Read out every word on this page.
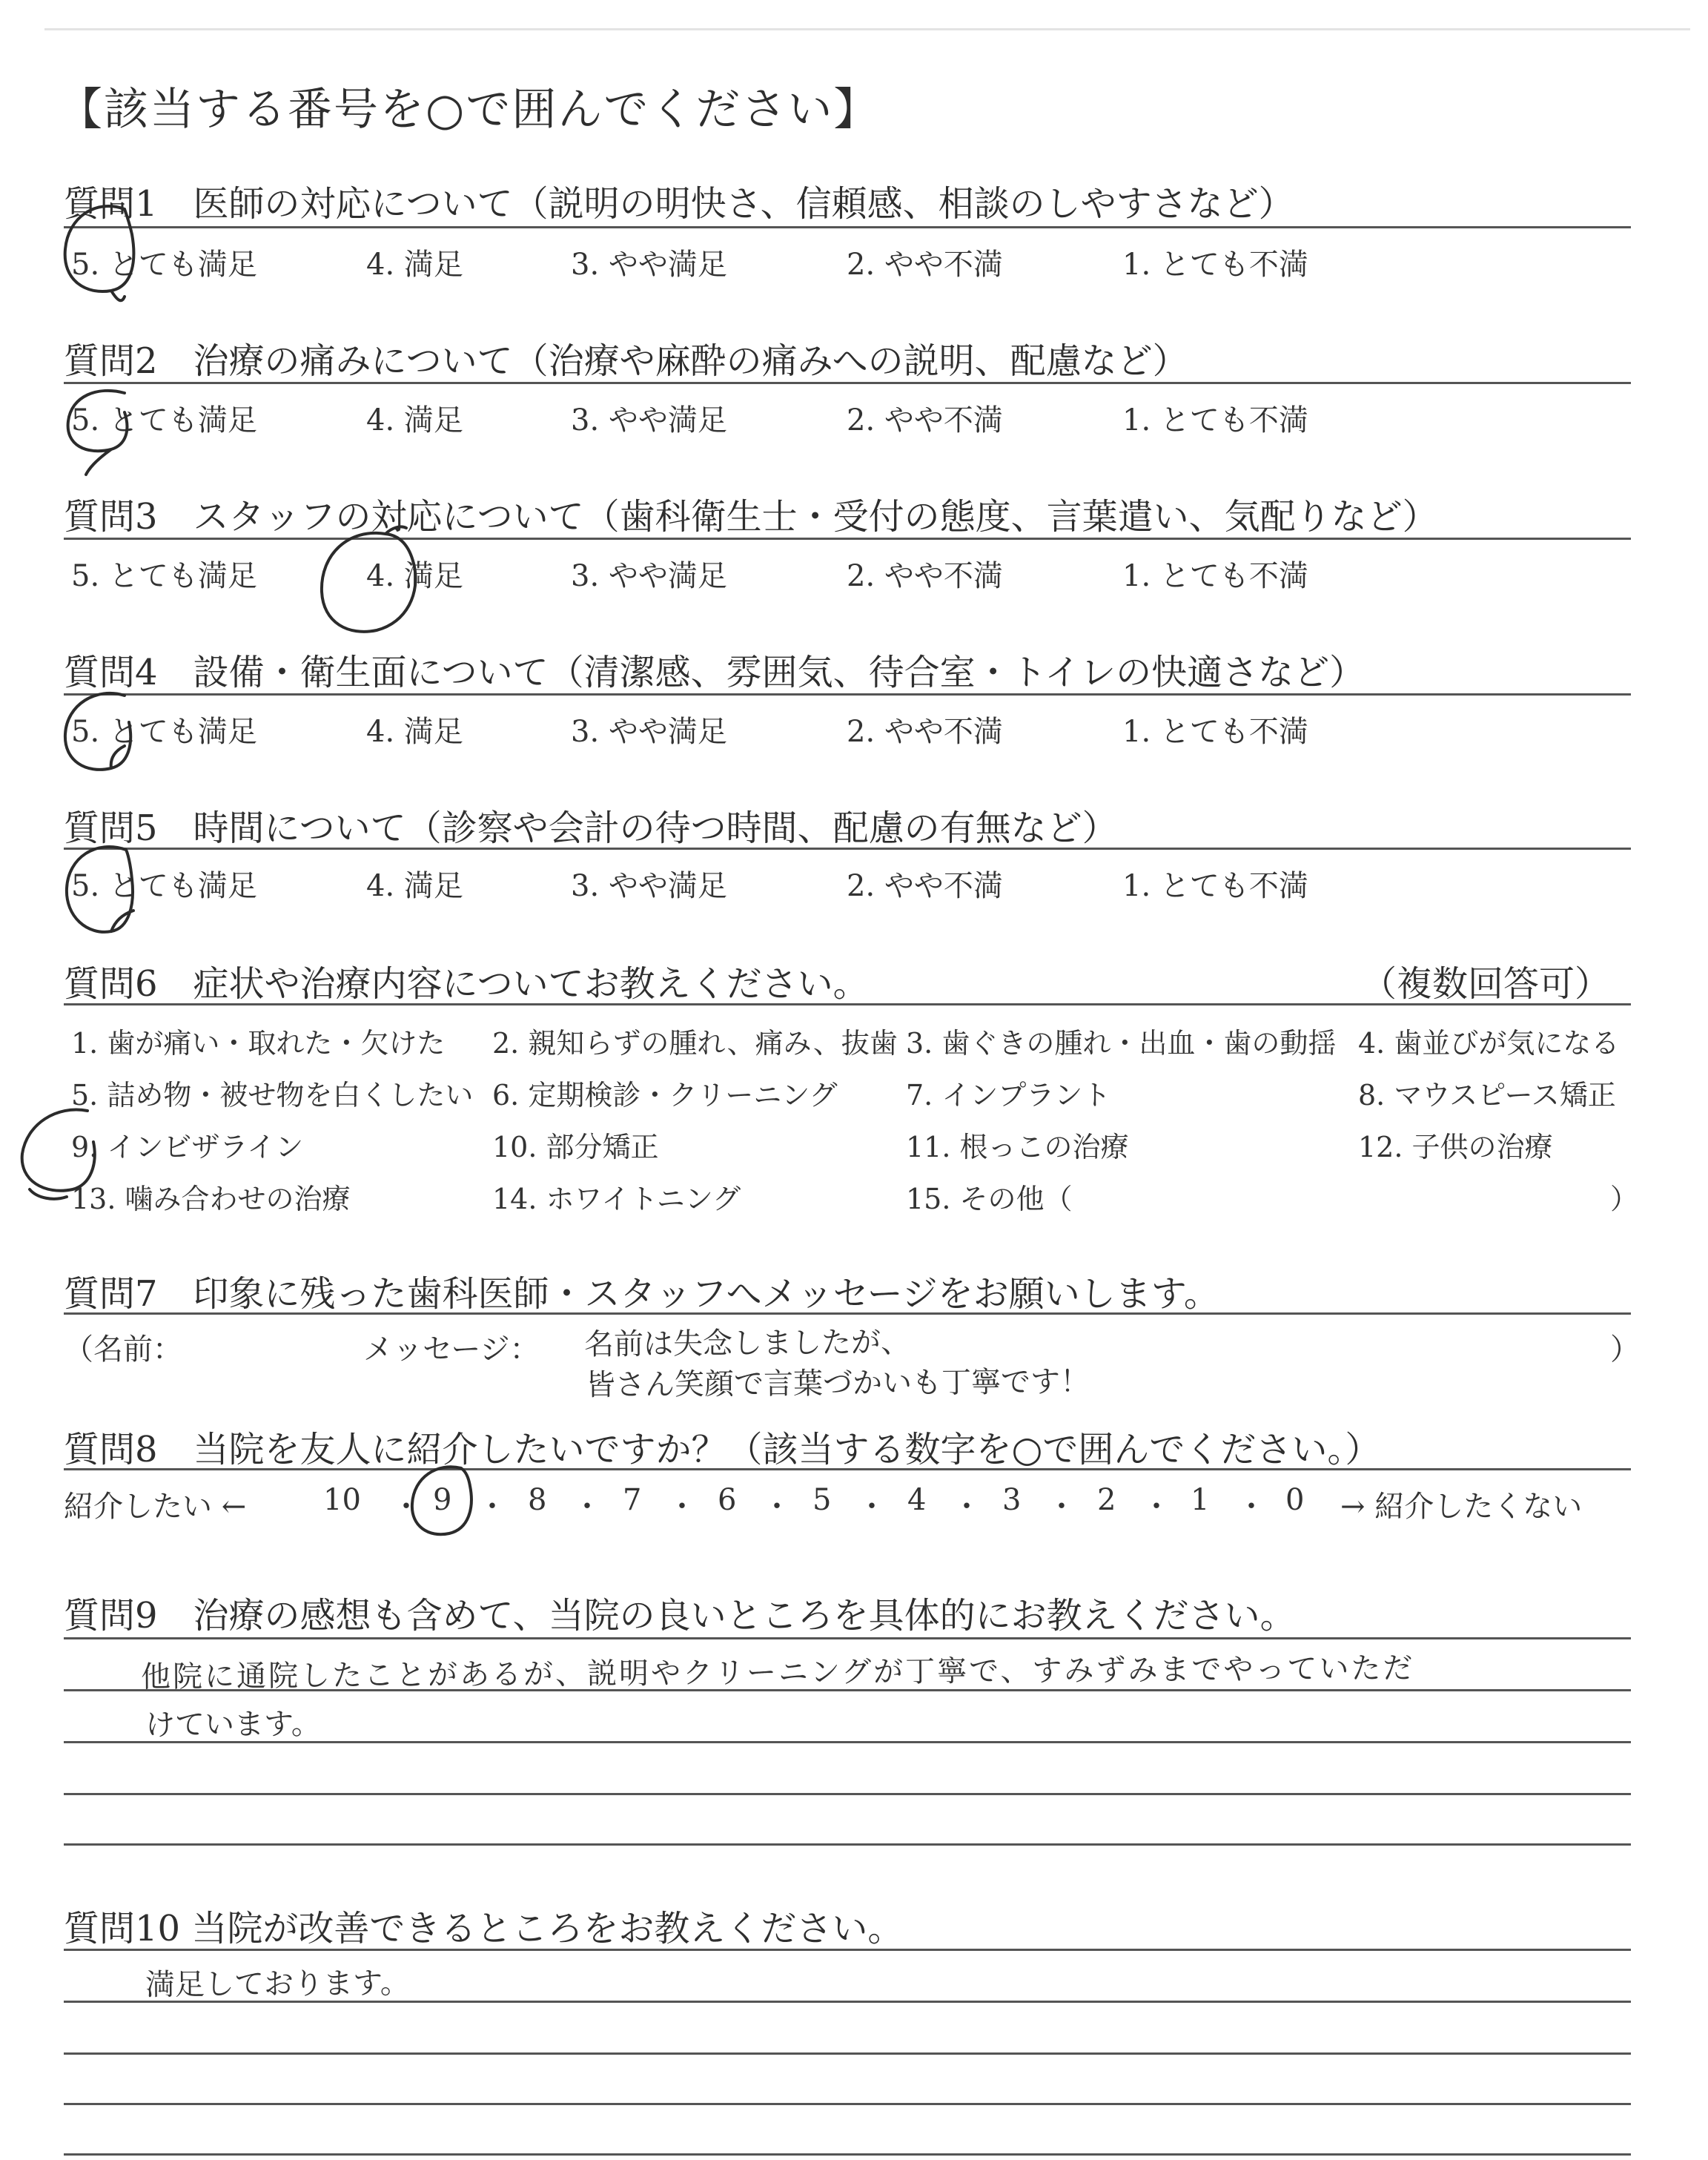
【該当する番号を○で囲んでください】
質問1　医師の対応について（説明の明快さ、信頼感、相談のしやすさなど）
5. とても満足	4. 満足	3. やや満足	2. やや不満	1. とても不満
質問2　治療の痛みについて（治療や麻酔の痛みへの説明、配慮など）
5. とても満足	4. 満足	3. やや満足	2. やや不満	1. とても不満
質問3　スタッフの対応について（歯科衛生士・受付の態度、言葉遣い、気配りなど）
5. とても満足	4. 満足	3. やや満足	2. やや不満	1. とても不満
質問4　設備・衛生面について（清潔感、雰囲気、待合室・トイレの快適さなど）
5. とても満足	4. 満足	3. やや満足	2. やや不満	1. とても不満
質問5　時間について（診察や会計の待つ時間、配慮の有無など）
5. とても満足	4. 満足	3. やや満足	2. やや不満	1. とても不満
質問6　症状や治療内容についてお教えください。	（複数回答可）
1. 歯が痛い・取れた・欠けた 2. 親知らずの腫れ、痛み、抜歯 3. 歯ぐきの腫れ・出血・歯の動揺 4. 歯並びが気になる
5. 詰め物・被せ物を白くしたい 6. 定期検診・クリーニング 7. インプラント	8. マウスピース矯正
9. インビザライン	10. 部分矯正	11. 根っこの治療	12. 子供の治療
13. 噛み合わせの治療	14. ホワイトニング	15. その他（	）
質問7　印象に残った歯科医師・スタッフへメッセージをお願いします。
（名前：	メッセージ： 名前は失念しましたが、
皆さん笑顔で言葉づかいも丁寧です！
）
質問8　当院を友人に紹介したいですか？（該当する数字を○で囲んでください。）
紹介したい ←	10 ・ 9 ・ 8 ・ 7 ・ 6 ・ 5 ・ 4 ・ 3 ・ 2 ・ 1 ・ 0 → 紹介したくない
質問9　治療の感想も含めて、当院の良いところを具体的にお教えください。
他院に通院したことがあるが、説明やクリーニングが丁寧で、すみずみまでやっていただ
けています。
質問10 当院が改善できるところをお教えください。
満足しております。
